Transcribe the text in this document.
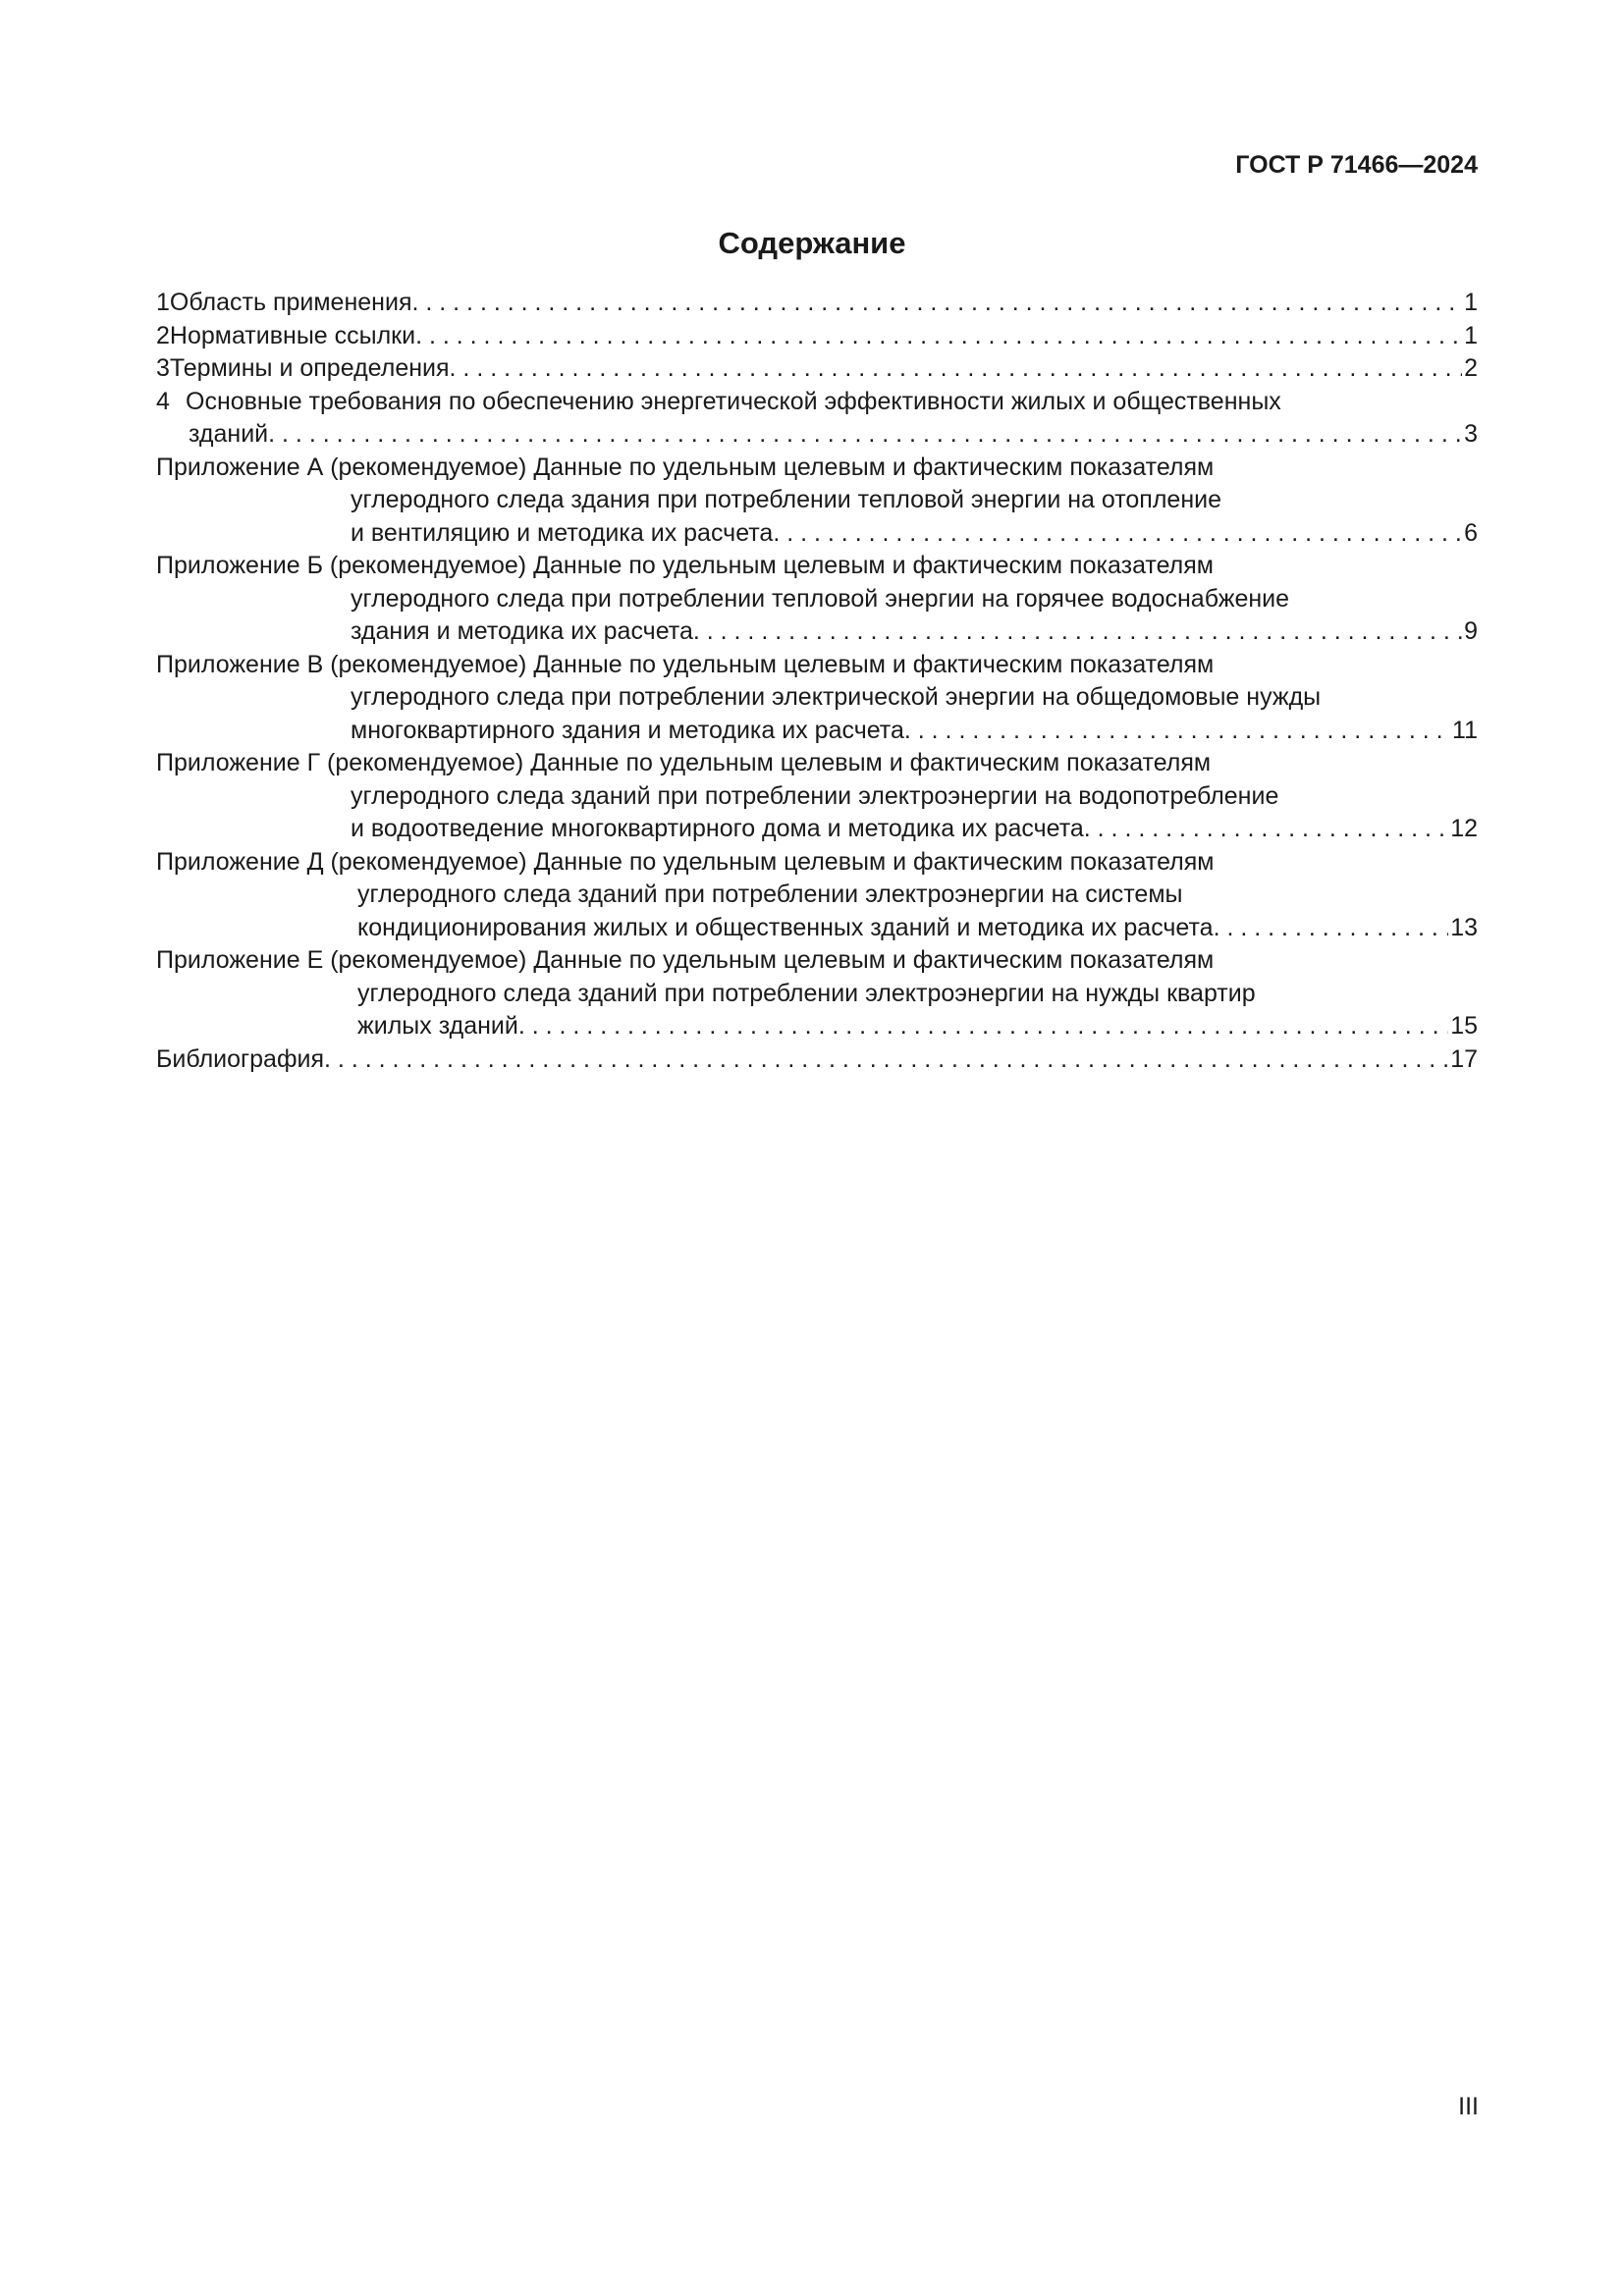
ГОСТ Р 71466—2024
Содержание
1 Область применения . . .	1
2 Нормативные ссылки . . .	1
3 Термины и определения . . .	2
4 Основные требования по обеспечению энергетической эффективности жилых и общественных
зданий . . .	3
Приложение А (рекомендуемое)
Данные по удельным целевым и фактическим показателям
углеродного следа здания при потреблении тепловой энергии на отопление
и вентиляцию и методика их расчета . . .	6
Приложение Б (рекомендуемое)
Данные по удельным целевым и фактическим показателям
углеродного следа при потреблении тепловой энергии на горячее водоснабжение
здания и методика их расчета . . .	9
Приложение В (рекомендуемое)
Данные по удельным целевым и фактическим показателям
углеродного следа при потреблении электрической энергии на общедомовые нужды
многоквартирного здания и методика их расчета . . .	11
Приложение Г (рекомендуемое)
Данные по удельным целевым и фактическим показателям
углеродного следа зданий при потреблении электроэнергии на водопотребление
и водоотведение многоквартирного дома и методика их расчета . . .	12
Приложение Д (рекомендуемое)
Данные по удельным целевым и фактическим показателям
углеродного следа зданий при потреблении электроэнергии на системы
кондиционирования жилых и общественных зданий и методика их расчета . . .	13
Приложение Е (рекомендуемое)
Данные по удельным целевым и фактическим показателям
углеродного следа зданий при потреблении электроэнергии на нужды квартир
жилых зданий . . .	15
Библиография . . .	17
III
